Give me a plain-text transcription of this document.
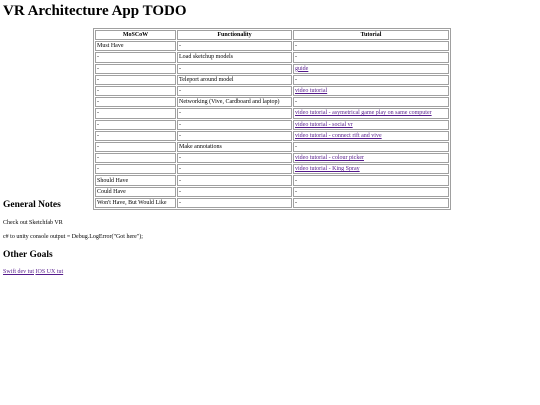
VR Architecture App TODO
MoSCoW	Functionality	Tutorial
Must Have	-	-
-	Load sketchup models	-
-	-	guide
-	Teleport around model	-
-	-	video tutorial
-	Networking (Vive, Cardboard and laptop)	-
-	-	video tutorial - asymetrical game play on same computer
-	-	video tutorial - social vr
-	-	video tutorial - connect rift and vive
-	Make annotations	-
-	-	video tutorial - colour picker
-	-	video tutorial - King Spray
Should Have	-	-
Could Have	-	-
Won't Have, But Would Like	-	-
General Notes

Check out Sketchfab VR

c# to unity console output = Debug.LogError("Got here");

Other Goals
Swift dev tut IOS UX tut
